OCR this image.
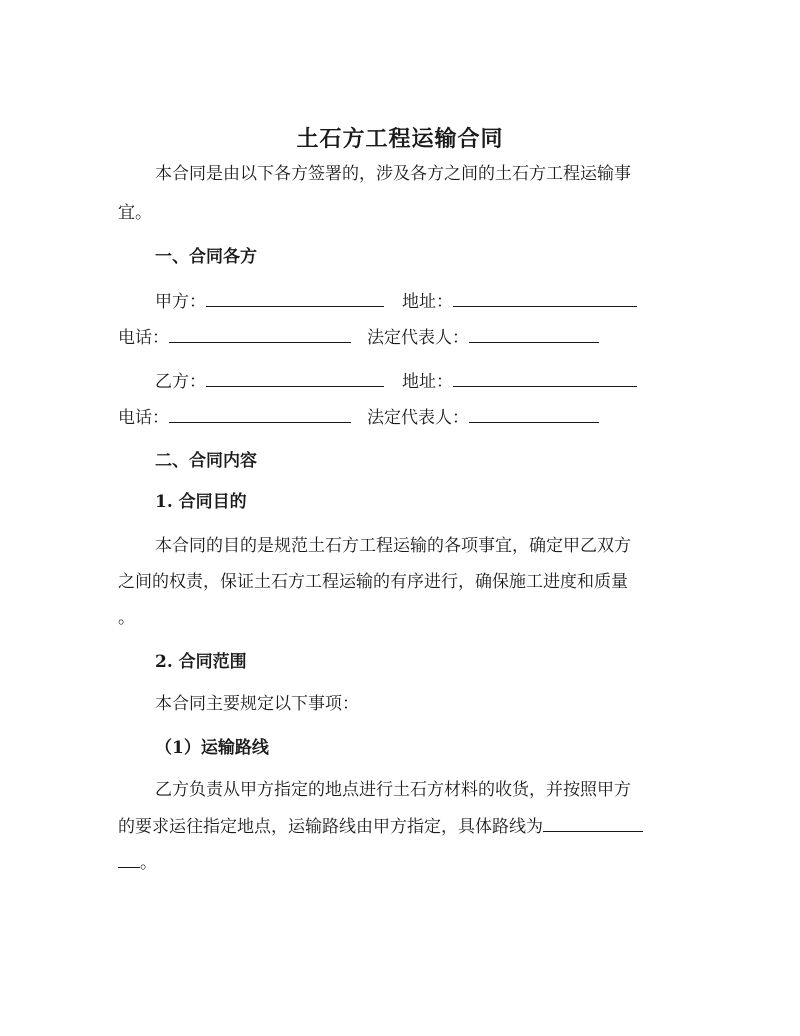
土石方工程运输合同

本合同是由以下各方签署的，涉及各方之间的土石方工程运输事

宜。

一、合同各方

甲方：	地址：
电话：	法定代表人：
乙方：	地址：
电话：	法定代表人：

二、合同内容

1. 合同目的

本合同的目的是规范土石方工程运输的各项事宜，确定甲乙双方

之间的权责，保证土石方工程运输的有序进行，确保施工进度和质量

。

2. 合同范围

本合同主要规定以下事项：

（1）运输路线

乙方负责从甲方指定的地点进行土石方材料的收货，并按照甲方

的要求运往指定地点，运输路线由甲方指定，具体路线为
。
